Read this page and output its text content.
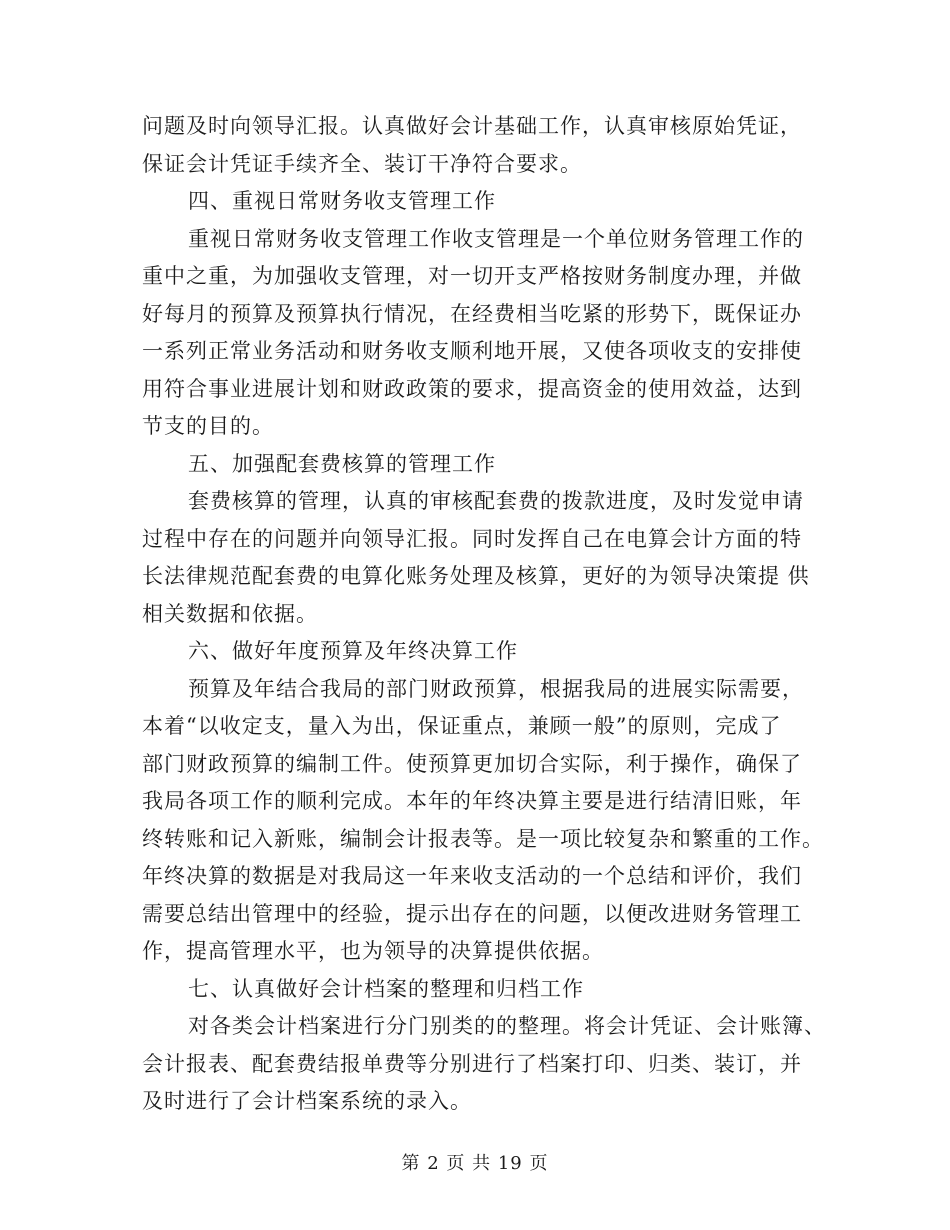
问题及时向领导汇报。认真做好会计基础工作，认真审核原始凭证，
保证会计凭证手续齐全、装订干净符合要求。
四、重视日常财务收支管理工作
重视日常财务收支管理工作收支管理是一个单位财务管理工作的
重中之重，为加强收支管理，对一切开支严格按财务制度办理，并做
好每月的预算及预算执行情况，在经费相当吃紧的形势下，既保证办
一系列正常业务活动和财务收支顺利地开展，又使各项收支的安排使
用符合事业进展计划和财政政策的要求，提高资金的使用效益，达到
节支的目的。
五、加强配套费核算的管理工作
套费核算的管理，认真的审核配套费的拨款进度，及时发觉申请
过程中存在的问题并向领导汇报。同时发挥自己在电算会计方面的特
长法律规范配套费的电算化账务处理及核算，更好的为领导决策提 供
相关数据和依据。
六、做好年度预算及年终决算工作
预算及年结合我局的部门财政预算，根据我局的进展实际需要，
本着“以收定支，量入为出，保证重点，兼顾一般”的原则，完成了
部门财政预算的编制工件。使预算更加切合实际，利于操作，确保了
我局各项工作的顺利完成。本年的年终决算主要是进行结清旧账，年
终转账和记入新账，编制会计报表等。是一项比较复杂和繁重的工作。
年终决算的数据是对我局这一年来收支活动的一个总结和评价，我们
需要总结出管理中的经验，提示出存在的问题，以便改进财务管理工
作，提高管理水平，也为领导的决算提供依据。
七、认真做好会计档案的整理和归档工作
对各类会计档案进行分门别类的的整理。将会计凭证、会计账簿、
会计报表、配套费结报单费等分别进行了档案打印、归类、装订，并
及时进行了会计档案系统的录入。
第 2 页 共 19 页
